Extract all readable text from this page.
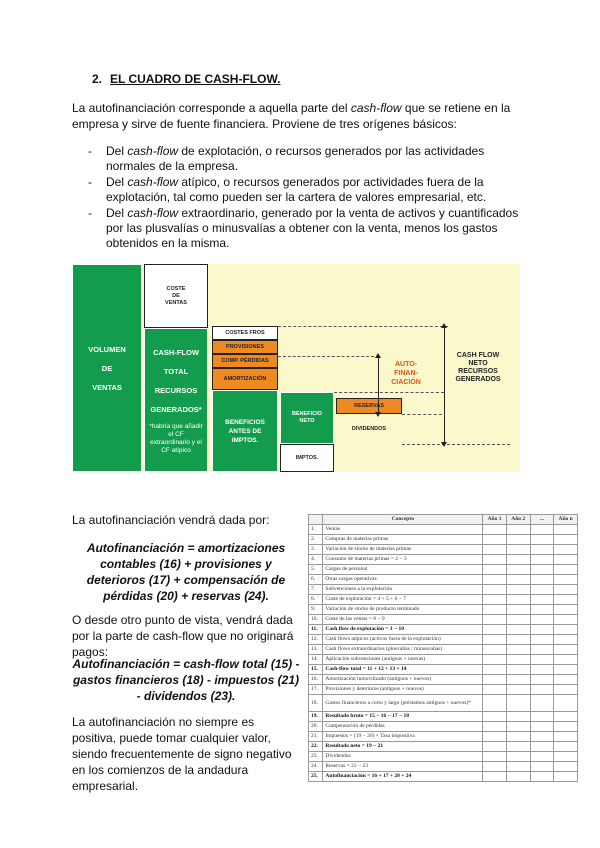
2. EL CUADRO DE CASH-FLOW.
La autofinanciación corresponde a aquella parte del cash-flow que se retiene en la empresa y sirve de fuente financiera. Proviene de tres orígenes básicos:
- Del cash-flow de explotación, o recursos generados por las actividades normales de la empresa.
- Del cash-flow atípico, o recursos generados por actividades fuera de la explotación, tal como pueden ser la cartera de valores empresarial, etc.
- Del cash-flow extraordinario, generado por la venta de activos y cuantificados por las plusvalías o minusvalías a obtener con la venta, menos los gastos obtenidos en la misma.
VOLUMEN
DE
VENTAS
COSTE
DE
VENTAS
CASH-FLOW
TOTAL
RECURSOS
GENERADOS*
*habría que añadir el CF extraordinario y el CF atípico
COSTES FROS
PROVISIONES
COMP. PÉRDIDAS
AMORTIZACIÓN
BENEFICIOS
ANTES DE
IMPTOS.
BENEFICIO
NETO
IMPTOS.
RESERVAS
DIVIDENDOS
AUTO-
FINAN-
CIACIÓN
CASH FLOW
NETO
RECURSOS
GENERADOS
La autofinanciación vendrá dada por:
Autofinanciación = amortizaciones contables (16) + provisiones y deterioros (17) + compensación de pérdidas (20) + reservas (24).
O desde otro punto de vista, vendrá dada por la parte de cash-flow que no originará pagos:
Autofinanciación = cash-flow total (15) - gastos financieros (18) - impuestos (21) - dividendos (23).
La autofinanciación no siempre es positiva, puede tomar cualquier valor, siendo frecuentemente de signo negativo en los comienzos de la andadura empresarial.
	Concepto	Año 1	Año 2	...	Año n
1.	Ventas				
2.	Compras de materias primas				
3.	Variación de stocks de materias primas				
4.	Consumo de materias primas = 2 − 3				
5.	Cargas de personal				
6.	Otras cargas operativas				
7.	Subvenciones a la explotación				
8.	Coste de explotación = 4 + 5 + 6 − 7				
9.	Variación de stocks de producto terminado				
10.	Coste de las ventas = 8 − 9				
11.	Cash flow de explotación = 1 − 10				
12.	Cash flows atípicos (activos fuera de la explotación)				
13.	Cash flows extraordinarios (plusvalías / minusvalías)				
14.	Aplicación subvenciones (antiguas + nuevas)				
15.	Cash-flow total = 11 + 12 + 13 + 14				
16.	Amortización inmovilizado (antiguos + nuevos)				
17.	Provisiones y deterioros (antiguos + nuevos)				
18.	Gastos financieros a corto y largo (préstamos antiguos + nuevos)*				
19.	Resultado bruto = 15 − 16 − 17 − 18				
20.	Compensación de pérdidas				
21.	Impuestos = (19 − 20) × Tasa impositiva				
22.	Resultado neto = 19 − 21				
23.	Dividendos				
24.	Reservas = 22 − 23				
25.	Autofinanciación = 16 + 17 + 20 + 24				
